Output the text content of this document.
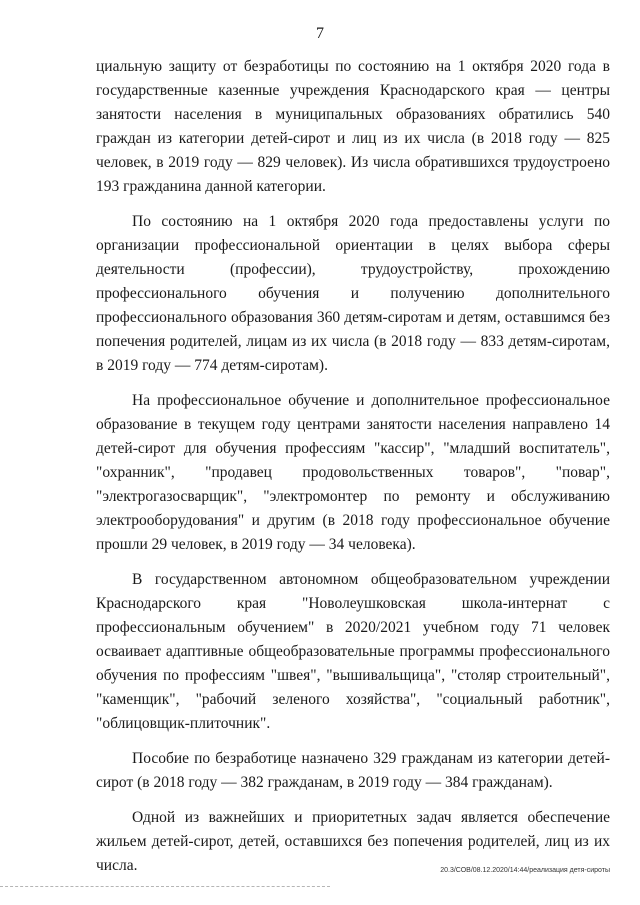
7

циальную защиту от безработицы по состоянию на 1 октября 2020 года в государственные казенные учреждения Краснодарского края — центры занятости населения в муниципальных образованиях обратились 540 граждан из категории детей-сирот и лиц из их числа (в 2018 году — 825 человек, в 2019 году — 829 человек). Из числа обратившихся трудоустроено 193 гражданина данной категории.

По состоянию на 1 октября 2020 года предоставлены услуги по организации профессиональной ориентации в целях выбора сферы деятельности (профессии), трудоустройству, прохождению профессионального обучения и получению дополнительного профессионального образования 360 детям-сиротам и детям, оставшимся без попечения родителей, лицам из их числа (в 2018 году — 833 детям-сиротам, в 2019 году — 774 детям-сиротам).

На профессиональное обучение и дополнительное профессиональное образование в текущем году центрами занятости населения направлено 14 детей-сирот для обучения профессиям "кассир", "младший воспитатель", "охранник", "продавец продовольственных товаров", "повар", "электрогазосварщик", "электромонтер по ремонту и обслуживанию электрооборудования" и другим (в 2018 году профессиональное обучение прошли 29 человек, в 2019 году — 34 человека).

В государственном автономном общеобразовательном учреждении Краснодарского края "Новолеушковская школа-интернат с профессиональным обучением" в 2020/2021 учебном году 71 человек осваивает адаптивные общеобразовательные программы профессионального обучения по профессиям "швея", "вышивальщица", "столяр строительный", "каменщик", "рабочий зеленого хозяйства", "социальный работник", "облицовщик-плиточник".

Пособие по безработице назначено 329 гражданам из категории детей-сирот (в 2018 году — 382 гражданам, в 2019 году — 384 гражданам).

Одной из важнейших и приоритетных задач является обеспечение жильем детей-сирот, детей, оставшихся без попечения родителей, лиц из их числа.	20.3/СОВ/08.12.2020/14:44/реализация детя-сироты
